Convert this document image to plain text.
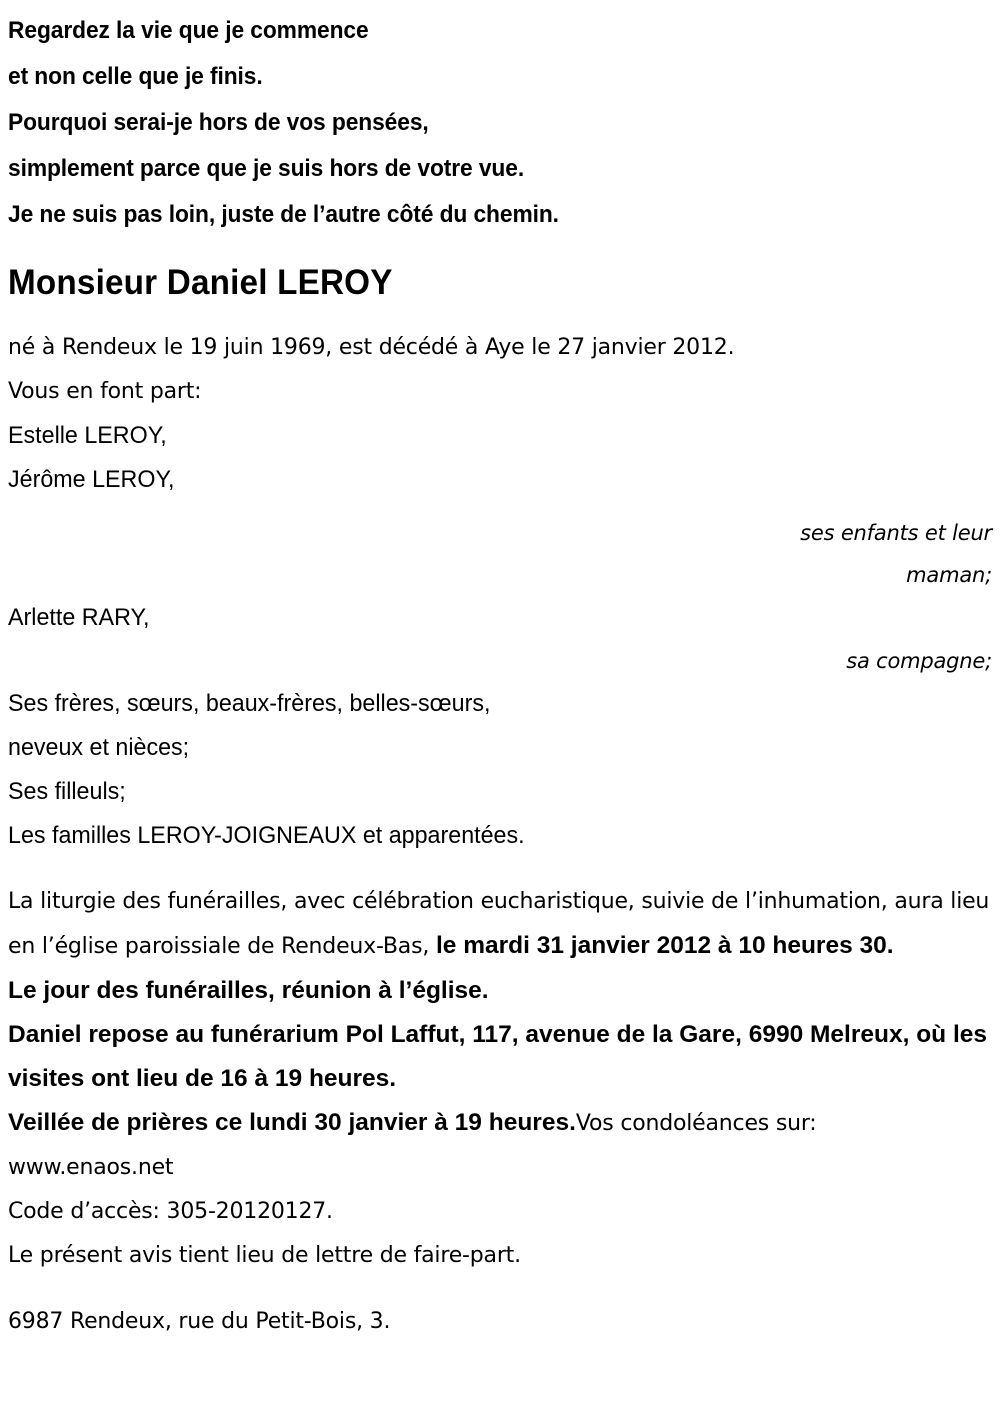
Regardez la vie que je commence
et non celle que je finis.
Pourquoi serai-je hors de vos pensées,
simplement parce que je suis hors de votre vue.
Je ne suis pas loin, juste de l’autre côté du chemin.
Monsieur Daniel LEROY
né à Rendeux le 19 juin 1969, est décédé à Aye le 27 janvier 2012.
Vous en font part:
Estelle LEROY,
Jérôme LEROY,
ses enfants et leur
maman;
Arlette RARY,
sa compagne;
Ses frères, sœurs, beaux-frères, belles-sœurs,
neveux et nièces;
Ses filleuls;
Les familles LEROY-JOIGNEAUX et apparentées.
La liturgie des funérailles, avec célébration eucharistique, suivie de l’inhumation, aura lieu en l’église paroissiale de Rendeux-Bas, le mardi 31 janvier 2012 à 10 heures 30.
Le jour des funérailles, réunion à l’église.
Daniel repose au funérarium Pol Laffut, 117, avenue de la Gare, 6990 Melreux, où les visites ont lieu de 16 à 19 heures.
Veillée de prières ce lundi 30 janvier à 19 heures.Vos condoléances sur:
www.enaos.net
Code d’accès: 305-20120127.
Le présent avis tient lieu de lettre de faire-part.
6987 Rendeux, rue du Petit-Bois, 3.
